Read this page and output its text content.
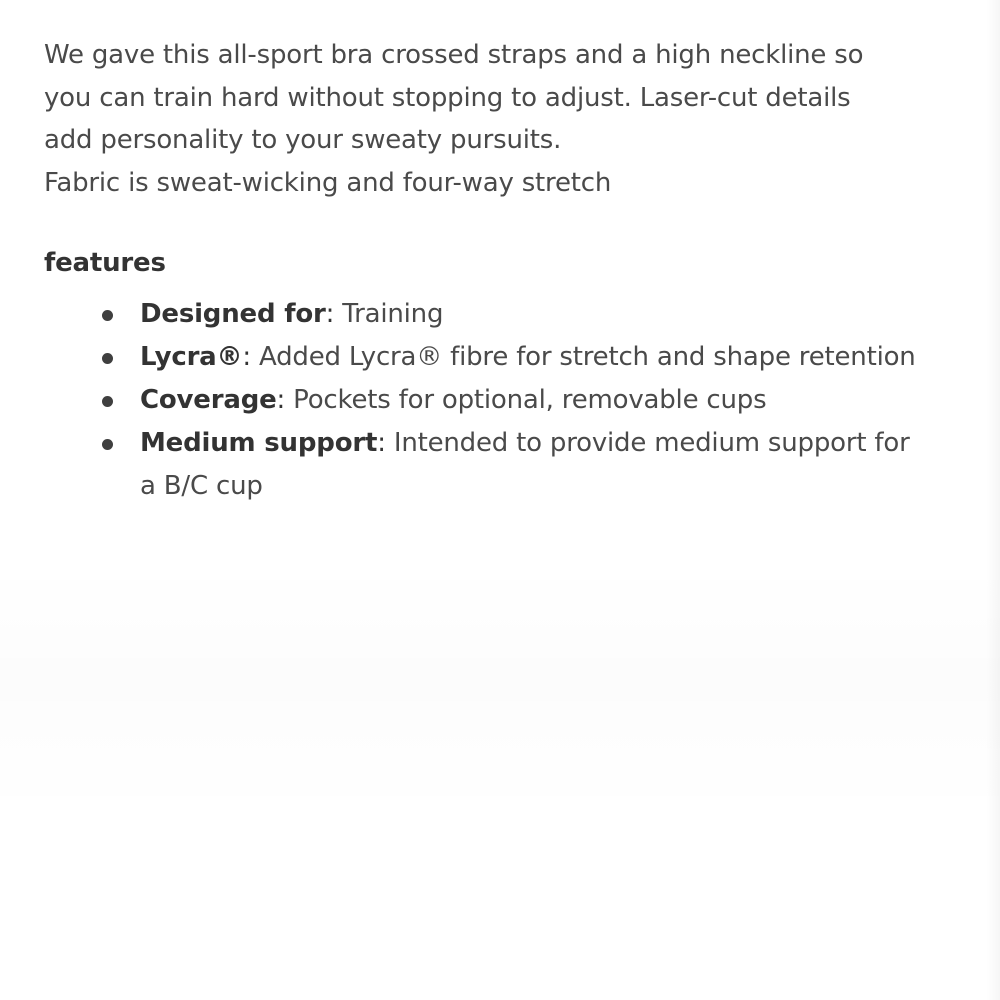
We gave this all-sport bra crossed straps and a high neckline so
you can train hard without stopping to adjust. Laser-cut details
add personality to your sweaty pursuits.
Fabric is sweat-wicking and four-way stretch
features
Designed for: Training
Lycra®: Added Lycra® fibre for stretch and shape retention
Coverage: Pockets for optional, removable cups
Medium support: Intended to provide medium support for
a B/C cup
